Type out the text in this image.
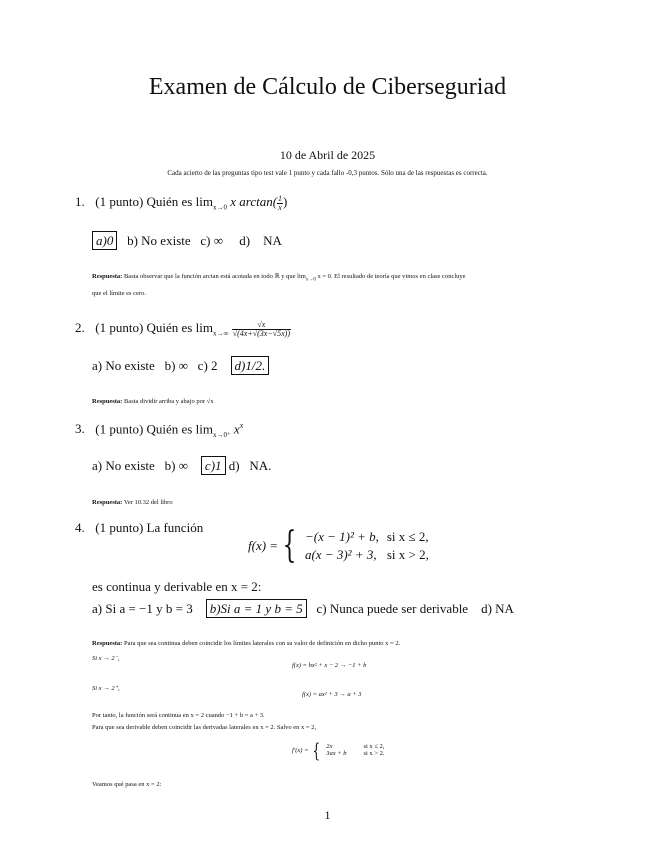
Examen de Cálculo de Ciberseguriad
10 de Abril de 2025
Cada acierto de las preguntas tipo test vale 1 punto y cada fallo -0,3 puntos. Sólo una de las respuestas es correcta.
1. (1 punto) Quién es $\lim_{x\to 0} x$ $\arctan( \frac{1}{x}$ )
a)0 b) No existe c) ∞ d) NA
Respuesta: Basta observar que la función arctan está acotada en todo ℝ y que $\lim_{x\to 0} x = 0$. El resultado de teoría que vimos en clase concluye
que el límite es cero.
2. (1 punto) Quién es $\lim_{x\to\infty} \frac{√x}{√(4x+√(3x-√5x))}$
a) No existe b) ∞ c) 2 d)1/2.
Respuesta: Basta dividir arriba y abajo por √x
3. (1 punto) Quién es $\lim_{x\to 0^+} x^x$
a) No existe b) ∞ c)1 d) NA.
Respuesta: Ver 10.32 del libro
4. (1 punto) La función
f(x) =	{	−(x − 1)² + b,	si x ≤ 2,
a(x − 3)² + 3,	si x > 2,
es continua y derivable en x = 2:
a) Si a = −1 y b = 3 b)Si a = 1 y b = 5 c) Nunca puede ser derivable d) NA
Respuesta: Para que sea continua deben coincidir los límites laterales con su valor de definición en dicho punto x = 2.
Si x → 2⁻,
f(x) = bx² + x − 2 → −1 + b
Si x → 2⁺,
f(x) = ax² + 3 → a + 3
Por tanto, la función será continua en x = 2 cuando −1 + b = a + 3.
Para que sea derivable deben coincidir las derivadas laterales en x = 2. Salvo en x = 2,
f′(x) =	{	2x	si x ≤ 2,
3ax + b	si x > 2.
Veamos qué pasa en x = 2:
1
